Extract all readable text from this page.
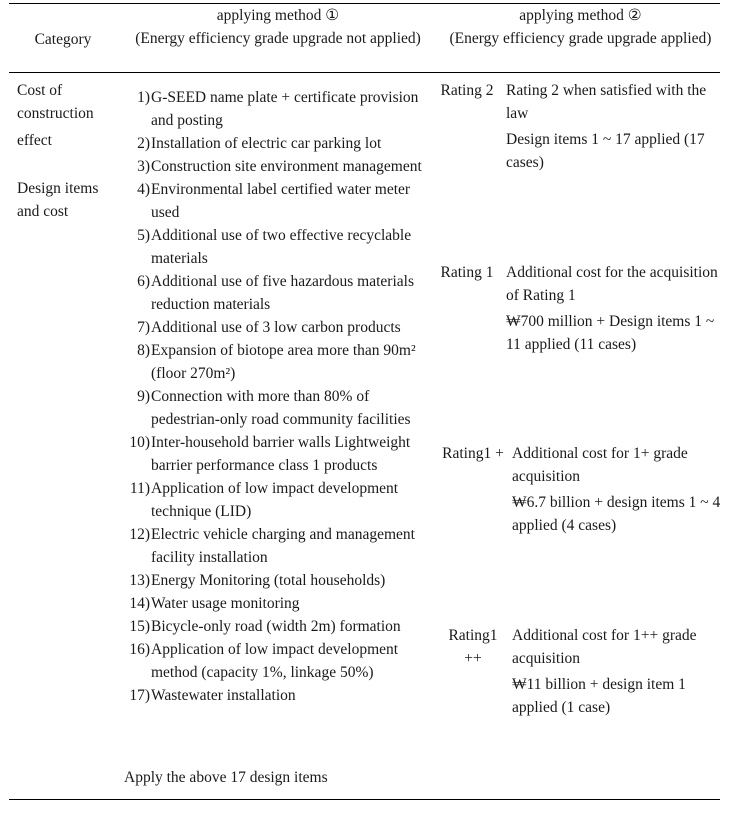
Category
applying method ①
(Energy efficiency grade upgrade not applied)
applying method ②
(Energy efficiency grade upgrade applied)
Cost of
construction
effect
Design items
and cost
1) G-SEED name plate + certificate provision and posting
2) Installation of electric car parking lot
3) Construction site environment management
4) Environmental label certified water meter used
5) Additional use of two effective recyclable materials
6) Additional use of five hazardous materials reduction materials
7) Additional use of 3 low carbon products
8) Expansion of biotope area more than 90m² (floor 270m²)
9) Connection with more than 80% of pedestrian-only road community facilities
10) Inter-household barrier walls Lightweight barrier performance class 1 products
11) Application of low impact development technique (LID)
12) Electric vehicle charging and management facility installation
13) Energy Monitoring (total households)
14) Water usage monitoring
15) Bicycle-only road (width 2m) formation
16) Application of low impact development method (capacity 1%, linkage 50%)
17) Wastewater installation
Apply the above 17 design items
Rating 2 Rating 2 when satisfied with the law
Design items 1 ~ 17 applied (17 cases)
Rating 1 Additional cost for the acquisition of Rating 1
₩700 million + Design items 1 ~ 11 applied (11 cases)
Rating1 + Additional cost for 1+ grade acquisition
₩6.7 billion + design items 1 ~ 4 applied (4 cases)
Rating1 ++
Additional cost for 1++ grade acquisition
₩11 billion + design item 1 applied (1 case)
